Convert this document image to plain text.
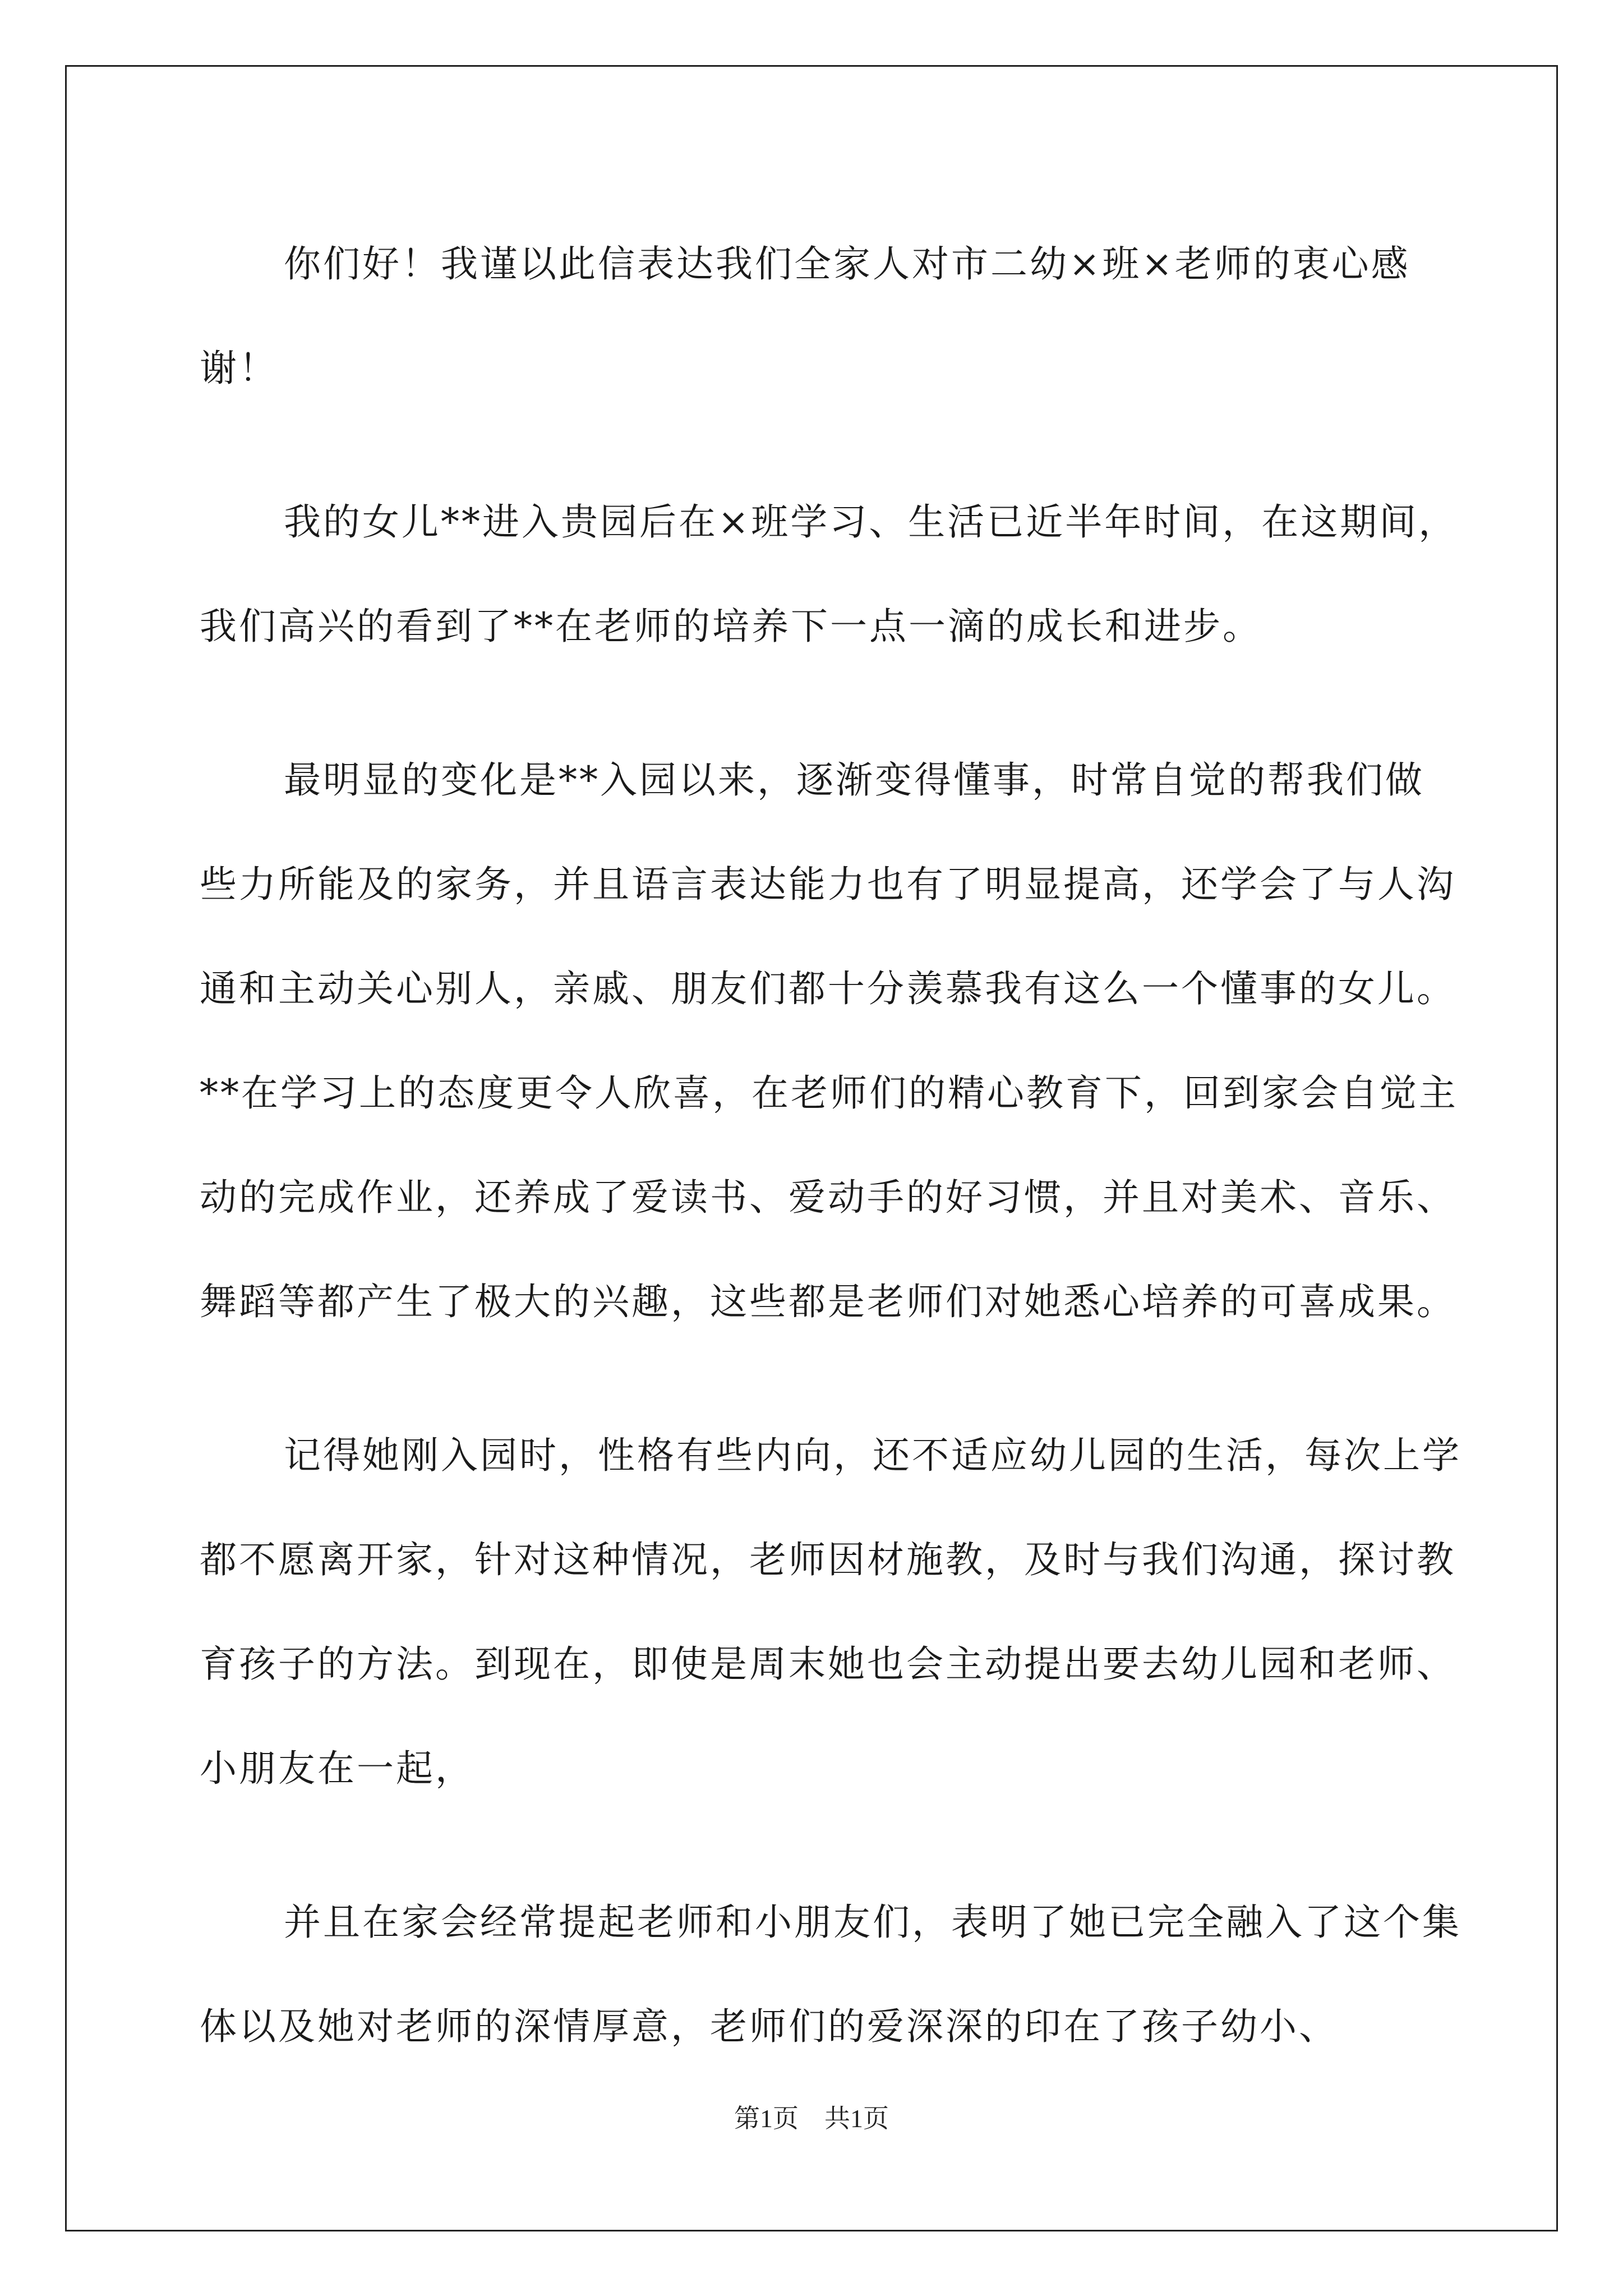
你们好！我谨以此信表达我们全家人对市二幼×班×老师的衷心感谢！

我的女儿**进入贵园后在×班学习、生活已近半年时间，在这期间，我们高兴的看到了**在老师的培养下一点一滴的成长和进步。

最明显的变化是**入园以来，逐渐变得懂事，时常自觉的帮我们做些力所能及的家务，并且语言表达能力也有了明显提高，还学会了与人沟通和主动关心别人，亲戚、朋友们都十分羡慕我有这么一个懂事的女儿。**在学习上的态度更令人欣喜，在老师们的精心教育下，回到家会自觉主动的完成作业，还养成了爱读书、爱动手的好习惯，并且对美术、音乐、舞蹈等都产生了极大的兴趣，这些都是老师们对她悉心培养的可喜成果。

记得她刚入园时，性格有些内向，还不适应幼儿园的生活，每次上学都不愿离开家，针对这种情况，老师因材施教，及时与我们沟通，探讨教育孩子的方法。到现在，即使是周末她也会主动提出要去幼儿园和老师、小朋友在一起，

并且在家会经常提起老师和小朋友们，表明了她已完全融入了这个集体以及她对老师的深情厚意，老师们的爱深深的印在了孩子幼小、

第1页　共1页
